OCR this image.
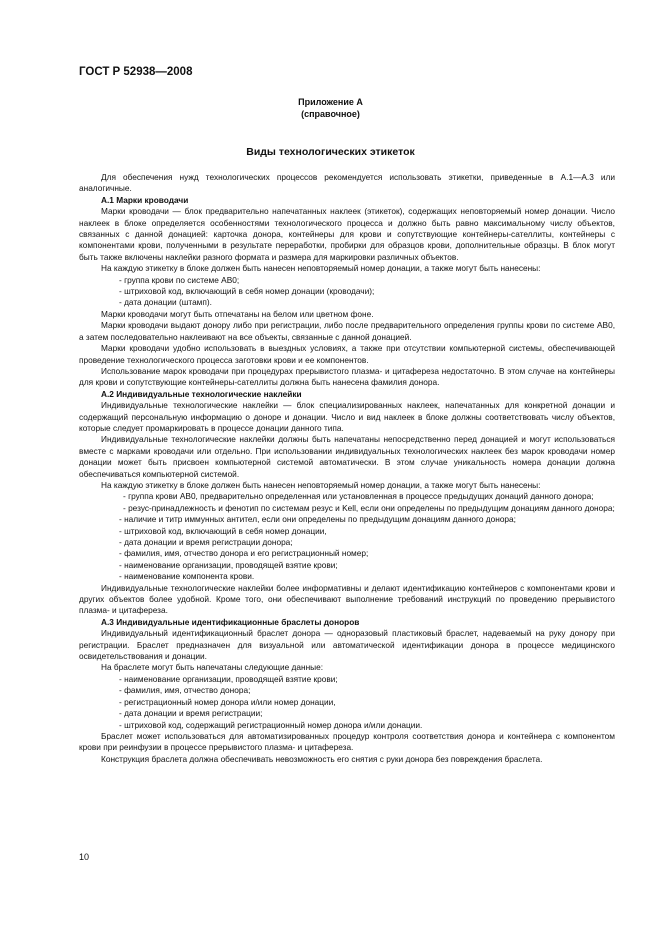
ГОСТ Р 52938—2008
Приложение А
(справочное)
Виды технологических этикеток

Для обеспечения нужд технологических процессов рекомендуется использовать этикетки, приведенные в А.1—А.3 или аналогичные.

А.1 Марки кроводачи

Марки кроводачи — блок предварительно напечатанных наклеек (этикеток), содержащих неповторяемый номер донации. Число наклеек в блоке определяется особенностями технологического процесса и должно быть равно максимальному числу объектов, связанных с данной донацией: карточка донора, контейнеры для крови и сопутствующие контейнеры-сателлиты, контейнеры с компонентами крови, полученными в результате переработки, пробирки для образцов крови, дополнительные образцы. В блок могут быть также включены наклейки разного формата и размера для маркировки различных объектов.

На каждую этикетку в блоке должен быть нанесен неповторяемый номер донации, а также могут быть нанесены:

- группа крови по системе АВ0;
- штриховой код, включающий в себя номер донации (кроводачи);
- дата донации (штамп).

Марки кроводачи могут быть отпечатаны на белом или цветном фоне.

Марки кроводачи выдают донору либо при регистрации, либо после предварительного определения группы крови по системе АВ0, а затем последовательно наклеивают на все объекты, связанные с данной донацией.

Марки кроводачи удобно использовать в выездных условиях, а также при отсутствии компьютерной системы, обеспечивающей проведение технологического процесса заготовки крови и ее компонентов.

Использование марок кроводачи при процедурах прерывистого плазма- и цитафереза недостаточно. В этом случае на контейнеры для крови и сопутствующие контейнеры-сателлиты должна быть нанесена фамилия донора.

А.2 Индивидуальные технологические наклейки

Индивидуальные технологические наклейки — блок специализированных наклеек, напечатанных для конкретной донации и содержащий персональную информацию о доноре и донации. Число и вид наклеек в блоке должны соответствовать числу объектов, которые следует промаркировать в процессе донации данного типа.

Индивидуальные технологические наклейки должны быть напечатаны непосредственно перед донацией и могут использоваться вместе с марками кроводачи или отдельно. При использовании индивидуальных технологических наклеек без марок кроводачи номер донации может быть присвоен компьютерной системой автоматически. В этом случае уникальность номера донации должна обеспечиваться компьютерной системой.

На каждую этикетку в блоке должен быть нанесен неповторяемый номер донации, а также могут быть нанесены:

- группа крови АВ0, предварительно определенная или установленная в процессе предыдущих донаций данного донора;

- резус-принадлежность и фенотип по системам резус и Kell, если они определены по предыдущим донациям данного донора;

- наличие и титр иммунных антител, если они определены по предыдущим донациям данного донора;
- штриховой код, включающий в себя номер донации,
- дата донации и время регистрации донора;
- фамилия, имя, отчество донора и его регистрационный номер;
- наименование организации, проводящей взятие крови;
- наименование компонента крови.

Индивидуальные технологические наклейки более информативны и делают идентификацию контейнеров с компонентами крови и других объектов более удобной. Кроме того, они обеспечивают выполнение требований инструкций по проведению прерывистого плазма- и цитафереза.

А.3 Индивидуальные идентификационные браслеты доноров

Индивидуальный идентификационный браслет донора — одноразовый пластиковый браслет, надеваемый на руку донору при регистрации. Браслет предназначен для визуальной или автоматической идентификации донора в процессе медицинского освидетельствования и донации.

На браслете могут быть напечатаны следующие данные:

- наименование организации, проводящей взятие крови;
- фамилия, имя, отчество донора;
- регистрационный номер донора и/или номер донации,
- дата донации и время регистрации;
- штриховой код, содержащий регистрационный номер донора и/или донации.

Браслет может использоваться для автоматизированных процедур контроля соответствия донора и контейнера с компонентом крови при реинфузии в процессе прерывистого плазма- и цитафереза.

Конструкция браслета должна обеспечивать невозможность его снятия с руки донора без повреждения браслета.

10
